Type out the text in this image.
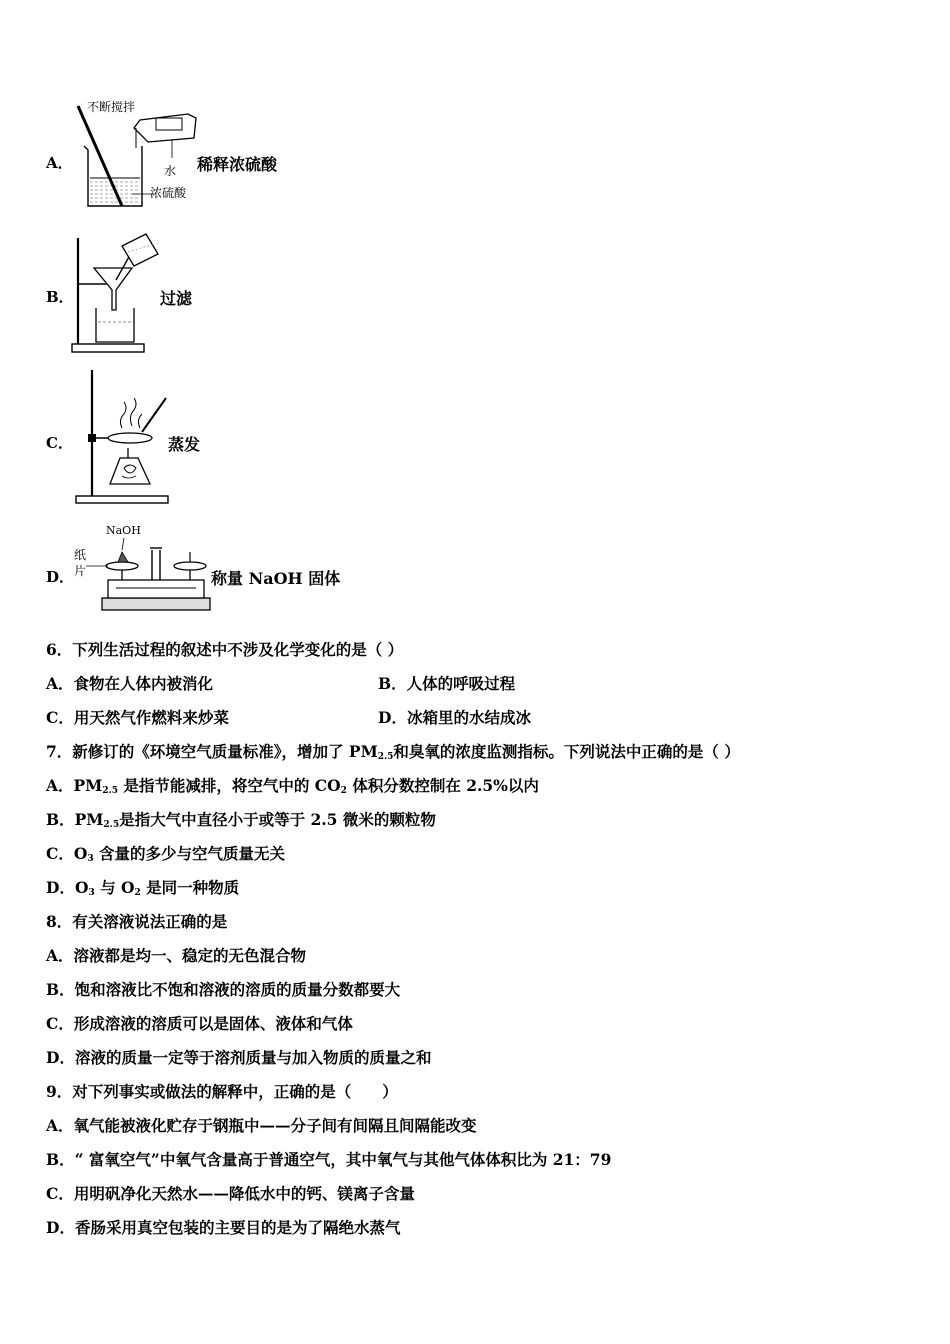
A．
不断搅拌
水
浓硫酸
稀释浓硫酸
B．	过滤
C．	蒸发
D．
NaOH
纸
片	称量 NaOH 固体
6．下列生活过程的叙述中不涉及化学变化的是（ ）
A．食物在人体内被消化	B．人体的呼吸过程
C．用天然气作燃料来炒菜	D．冰箱里的水结成冰
7．新修订的《环境空气质量标准》，增加了 $PM_{2.5}$和臭氧的浓度监测指标。下列说法中正确的是（ ）
A．$PM_{2.5}$ 是指节能减排，将空气中的 $CO_2$ 体积分数控制在 2.5%以内
B．$PM_{2.5}$是指大气中直径小于或等于 2.5 微米的颗粒物
C．$O_3$ 含量的多少与空气质量无关
D．$O_3$ 与 $O_2$ 是同一种物质
8．有关溶液说法正确的是
A．溶液都是均一、稳定的无色混合物
B．饱和溶液比不饱和溶液的溶质的质量分数都要大
C．形成溶液的溶质可以是固体、液体和气体
D．溶液的质量一定等于溶剂质量与加入物质的质量之和
9．对下列事实或做法的解释中，正确的是（　　）
A．氧气能被液化贮存于钢瓶中——分子间有间隔且间隔能改变
B．“ 富氧空气”中氧气含量高于普通空气，其中氧气与其他气体体积比为 21：79
C．用明矾净化天然水——降低水中的钙、镁离子含量
D．香肠采用真空包装的主要目的是为了隔绝水蒸气
